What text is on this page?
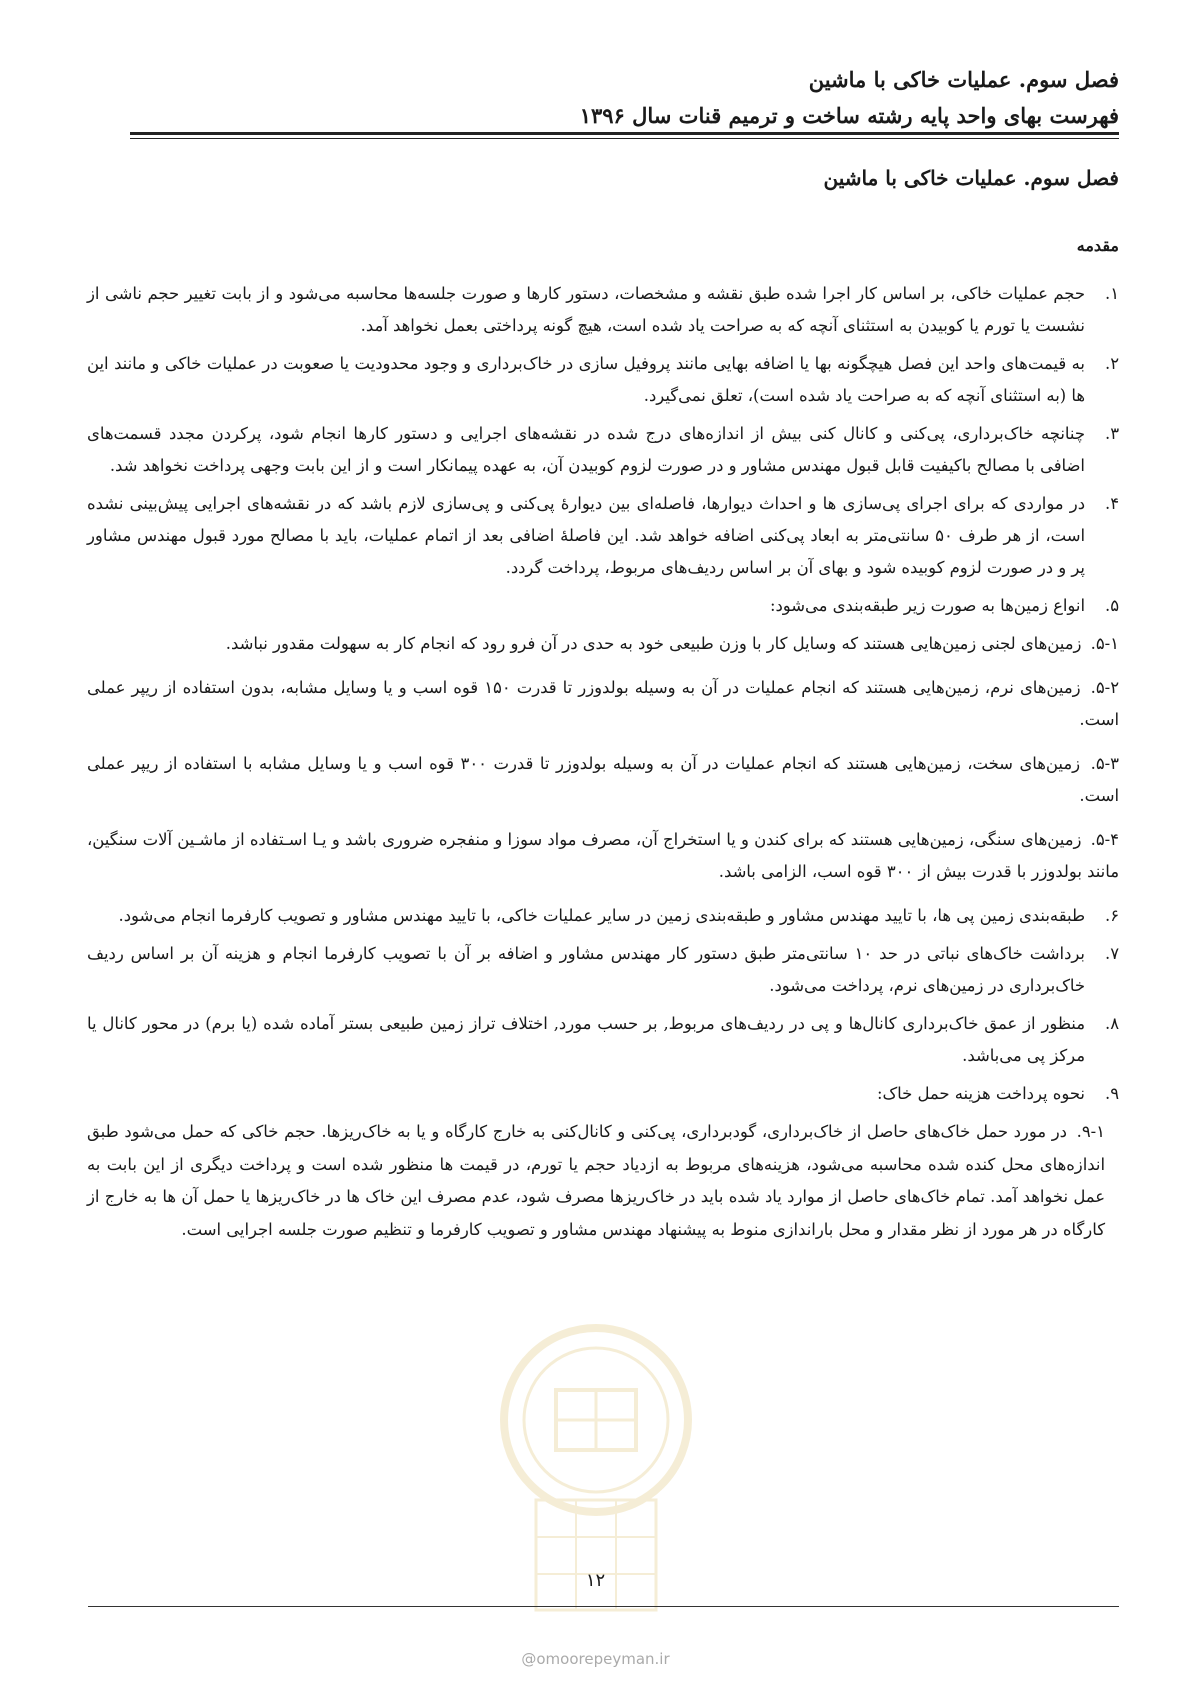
فصل سوم. عملیات خاکی با ماشین
فهرست بهای واحد پایه رشته ساخت و ترمیم قنات سال ۱۳۹۶
فصل سوم. عملیات خاکی با ماشین
مقدمه
۱.
حجم عملیات خاکی، بر اساس کار اجرا شده طبق نقشه و مشخصات، دستور کارها و صورت جلسه‌ها محاسبه می‌شود و از بابت تغییر حجم ناشی از نشست یا تورم یا کوبیدن به استثنای آنچه که به صراحت یاد شده است، هیچ گونه پرداختی بعمل نخواهد آمد.
۲.
به قیمت‌های واحد این فصل هیچگونه بها یا اضافه بهایی مانند پروفیل سازی در خاک‌برداری و وجود محدودیت یا صعوبت در عملیات خاکی و مانند این ها (به استثنای آنچه که به صراحت یاد شده است)، تعلق نمی‌گیرد.
۳.
چنانچه خاک‌برداری، پی‌کنی و کانال کنی بیش از اندازه‌های درج شده در نقشه‌های اجرایی و دستور کارها انجام شود، پرکردن مجدد قسمت‌های اضافی با مصالح باکیفیت قابل قبول مهندس مشاور و در صورت لزوم کوبیدن آن، به عهده پیمانکار است و از این بابت وجهی پرداخت نخواهد شد.
۴.
در مواردی که برای اجرای پی‌سازی ها و احداث دیوارها، فاصله‌ای بین دیوارهٔ پی‌کنی و پی‌سازی لازم باشد که در نقشه‌های اجرایی پیش‌بینی نشده است، از هر طرف ۵۰ سانتی‌متر به ابعاد پی‌کنی اضافه خواهد شد. این فاصلهٔ اضافی بعد از اتمام عملیات، باید با مصالح مورد قبول مهندس مشاور پر و در صورت لزوم کوبیده شود و بهای آن بر اساس ردیف‌های مربوط، پرداخت گردد.
۵.
انواع زمین‌ها به صورت زیر طبقه‌بندی می‌شود:
۵-۱. زمین‌های لجنی زمین‌هایی هستند که وسایل کار با وزن طبیعی خود به حدی در آن فرو رود که انجام کار به سهولت مقدور نباشد.
۵-۲. زمین‌های نرم، زمین‌هایی هستند که انجام عملیات در آن به وسیله بولدوزر تا قدرت ۱۵۰ قوه اسب و یا وسایل مشابه، بدون استفاده از ریپر عملی است.
۵-۳. زمین‌های سخت، زمین‌هایی هستند که انجام عملیات در آن به وسیله بولدوزر تا قدرت ۳۰۰ قوه اسب و یا وسایل مشابه با استفاده از ریپر عملی است.
۵-۴. زمین‌های سنگی، زمین‌هایی هستند که برای کندن و یا استخراج آن، مصرف مواد سوزا و منفجره ضروری باشد و یـا اسـتفاده از ماشـین آلات سنگین، مانند بولدوزر با قدرت بیش از ۳۰۰ قوه اسب، الزامی باشد.
۶.
طبقه‌بندی زمین پی ها، با تایید مهندس مشاور و طبقه‌بندی زمین در سایر عملیات خاکی، با تایید مهندس مشاور و تصویب کارفرما انجام می‌شود.
۷.
برداشت خاک‌های نباتی در حد ۱۰ سانتی‌متر طبق دستور کار مهندس مشاور و اضافه بر آن با تصویب کارفرما انجام و هزینه آن بر اساس ردیف خاک‌برداری در زمین‌های نرم، پرداخت می‌شود.
۸.
منظور از عمق خاک‌برداری کانال‌ها و پی در ردیف‌های مربوط, بر حسب مورد, اختلاف تراز زمین طبیعی بستر آماده شده (یا برم) در محور کانال یا مرکز پی می‌باشد.
۹.
نحوه پرداخت هزینه حمل خاک:
۹-۱. در مورد حمل خاک‌های حاصل از خاک‌برداری، گودبرداری، پی‌کنی و کانال‌کنی به خارج کارگاه و یا به خاک‌ریزها. حجم خاکی که حمل می‌شود طبق اندازه‌های محل کنده شده محاسبه می‌شود، هزینه‌های مربوط به ازدیاد حجم یا تورم، در قیمت ها منظور شده است و پرداخت دیگری از این بابت به عمل نخواهد آمد. تمام خاک‌های حاصل از موارد یاد شده باید در خاک‌ریزها مصرف شود، عدم مصرف این خاک ها در خاک‌ریزها یا حمل آن ها به خارج از کارگاه در هر مورد از نظر مقدار و محل باراندازی منوط به پیشنهاد مهندس مشاور و تصویب کارفرما و تنظیم صورت جلسه اجرایی است.
۱۲
@omoorepeyman.ir
